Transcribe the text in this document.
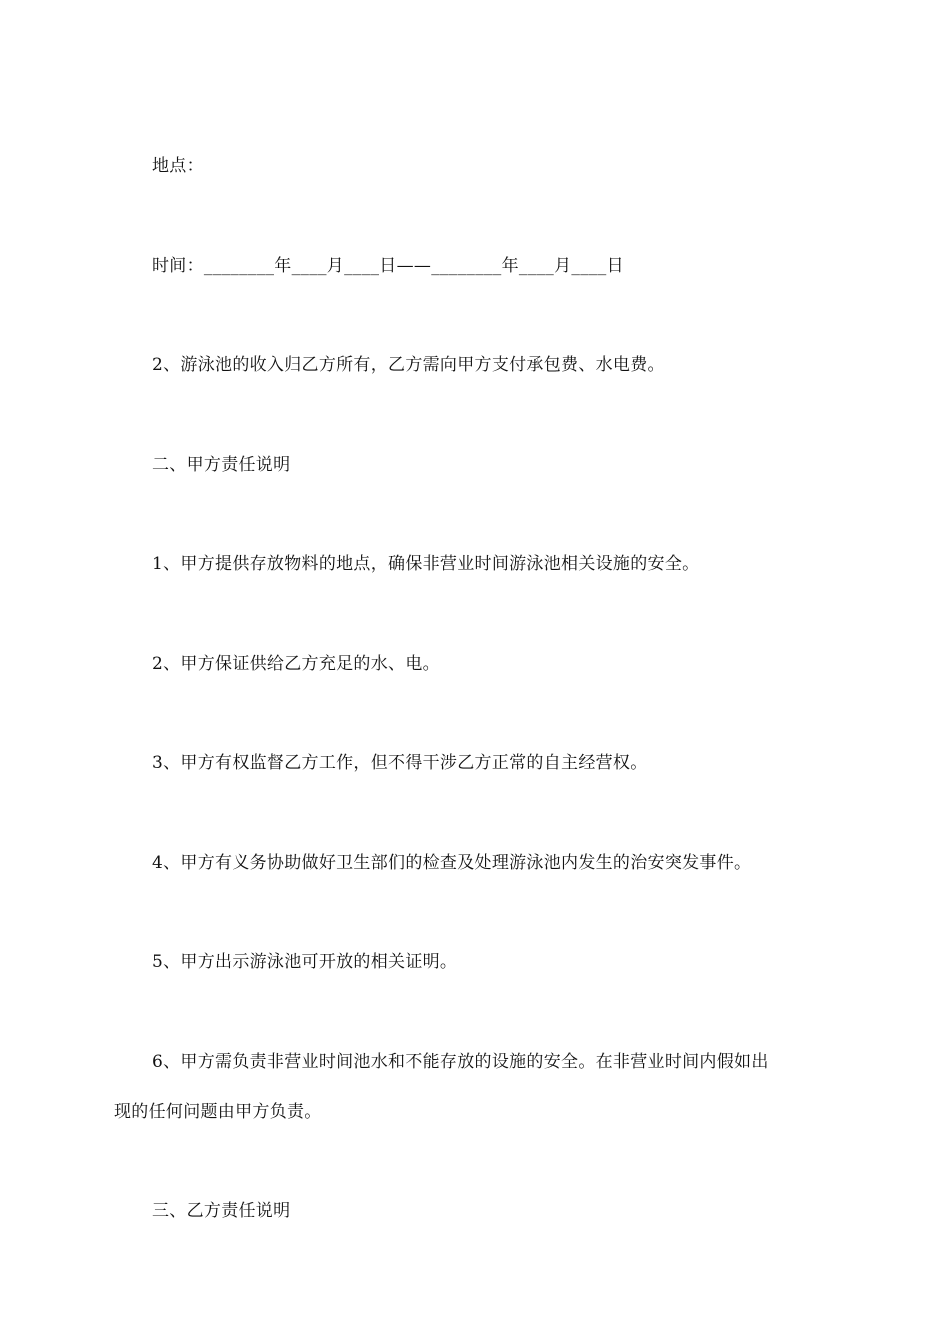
地点：
时间：________年____月____日——________年____月____日
2、游泳池的收入归乙方所有，乙方需向甲方支付承包费、水电费。
二、甲方责任说明
1、甲方提供存放物料的地点，确保非营业时间游泳池相关设施的安全。
2、甲方保证供给乙方充足的水、电。
3、甲方有权监督乙方工作，但不得干涉乙方正常的自主经营权。
4、甲方有义务协助做好卫生部们的检查及处理游泳池内发生的治安突发事件。
5、甲方出示游泳池可开放的相关证明。
6、甲方需负责非营业时间池水和不能存放的设施的安全。在非营业时间内假如出
现的任何问题由甲方负责。
三、乙方责任说明
